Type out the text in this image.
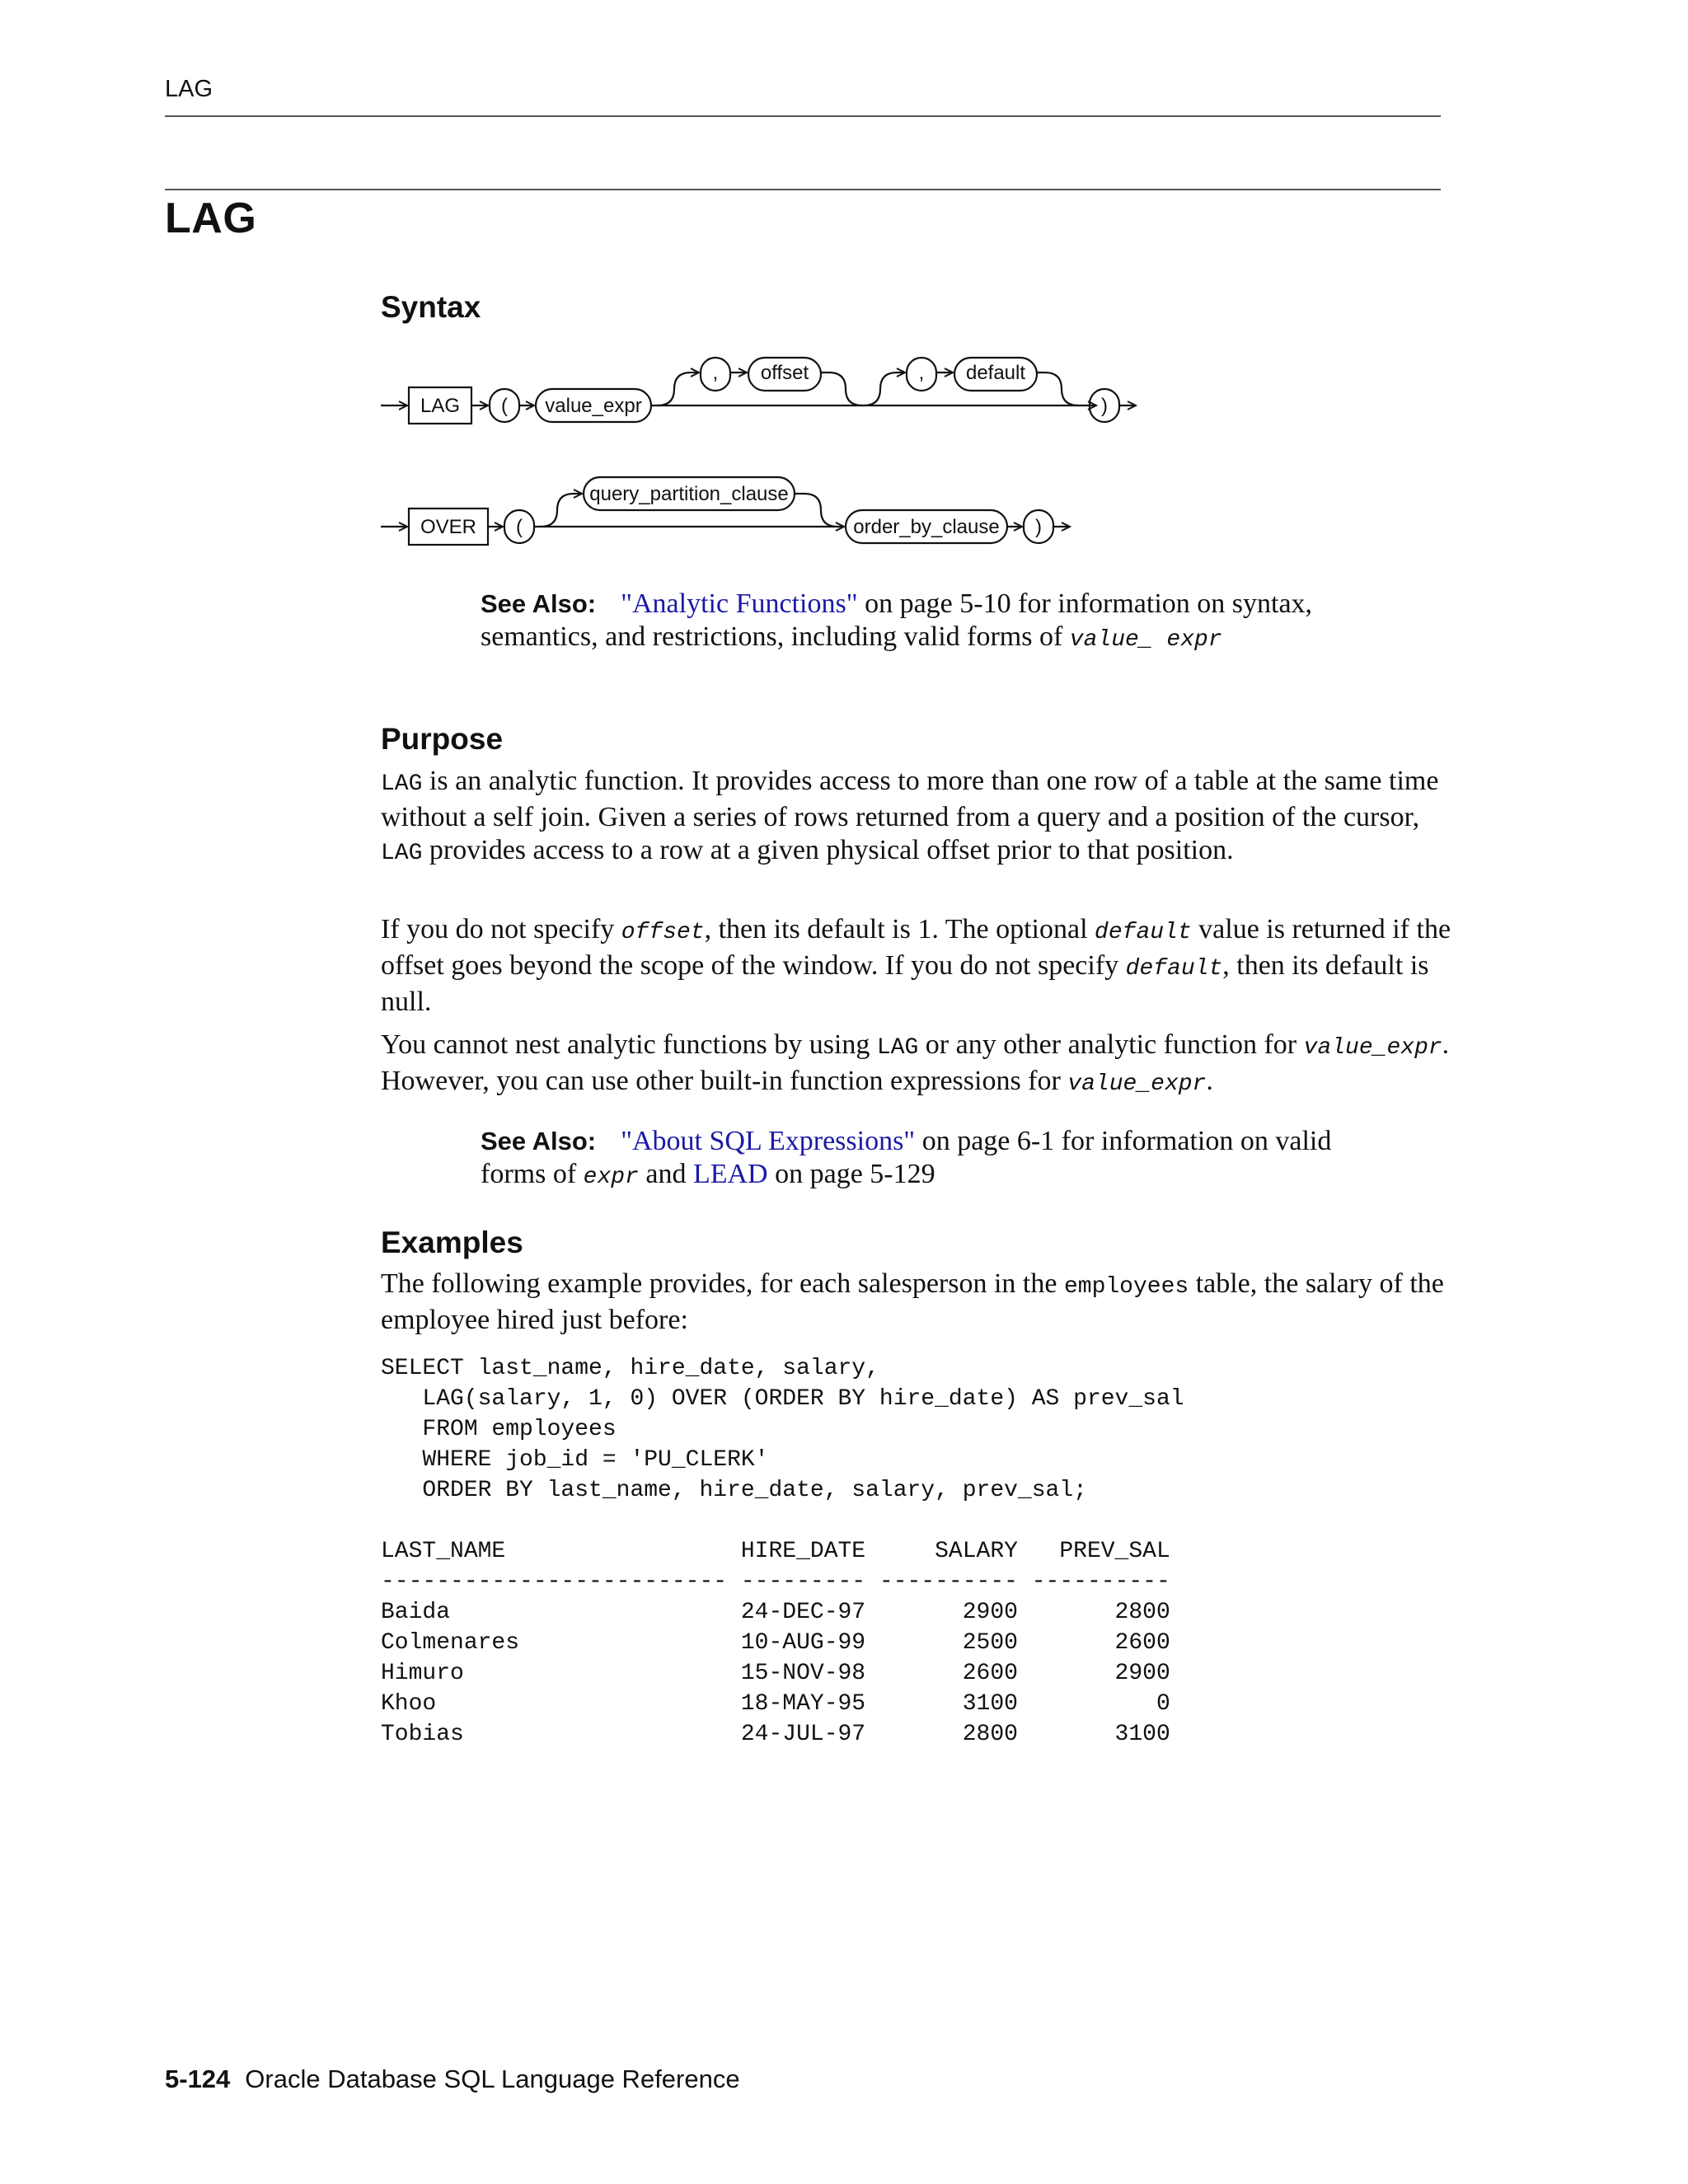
LAG
LAG
Syntax
LAG ( value_expr
, offset	, default
)
OVER (
query_partition_clause
order_by_clause )
See Also: "Analytic Functions" on page 5-10 for information on syntax, semantics, and restrictions, including valid forms of value_ expr
Purpose
LAG is an analytic function. It provides access to more than one row of a table at the same time without a self join. Given a series of rows returned from a query and a position of the cursor, LAG provides access to a row at a given physical offset prior to that position.
If you do not specify offset, then its default is 1. The optional default value is returned if the offset goes beyond the scope of the window. If you do not specify default, then its default is null.
You cannot nest analytic functions by using LAG or any other analytic function for value_expr. However, you can use other built-in function expressions for value_expr.
See Also: "About SQL Expressions" on page 6-1 for information on valid forms of expr and LEAD on page 5-129
Examples
The following example provides, for each salesperson in the employees table, the salary of the employee hired just before:
SELECT last_name, hire_date, salary,
LAG(salary, 1, 0) OVER (ORDER BY hire_date) AS prev_sal
FROM employees
WHERE job_id = 'PU_CLERK'
ORDER BY last_name, hire_date, salary, prev_sal;

LAST_NAME                 HIRE_DATE     SALARY   PREV_SAL
------------------------- --------- ---------- ----------
Baida                     24-DEC-97       2900       2800
Colmenares                10-AUG-99       2500       2600
Himuro                    15-NOV-98       2600       2900
Khoo                      18-MAY-95       3100          0
Tobias                    24-JUL-97       2800       3100
5-124 Oracle Database SQL Language Reference
